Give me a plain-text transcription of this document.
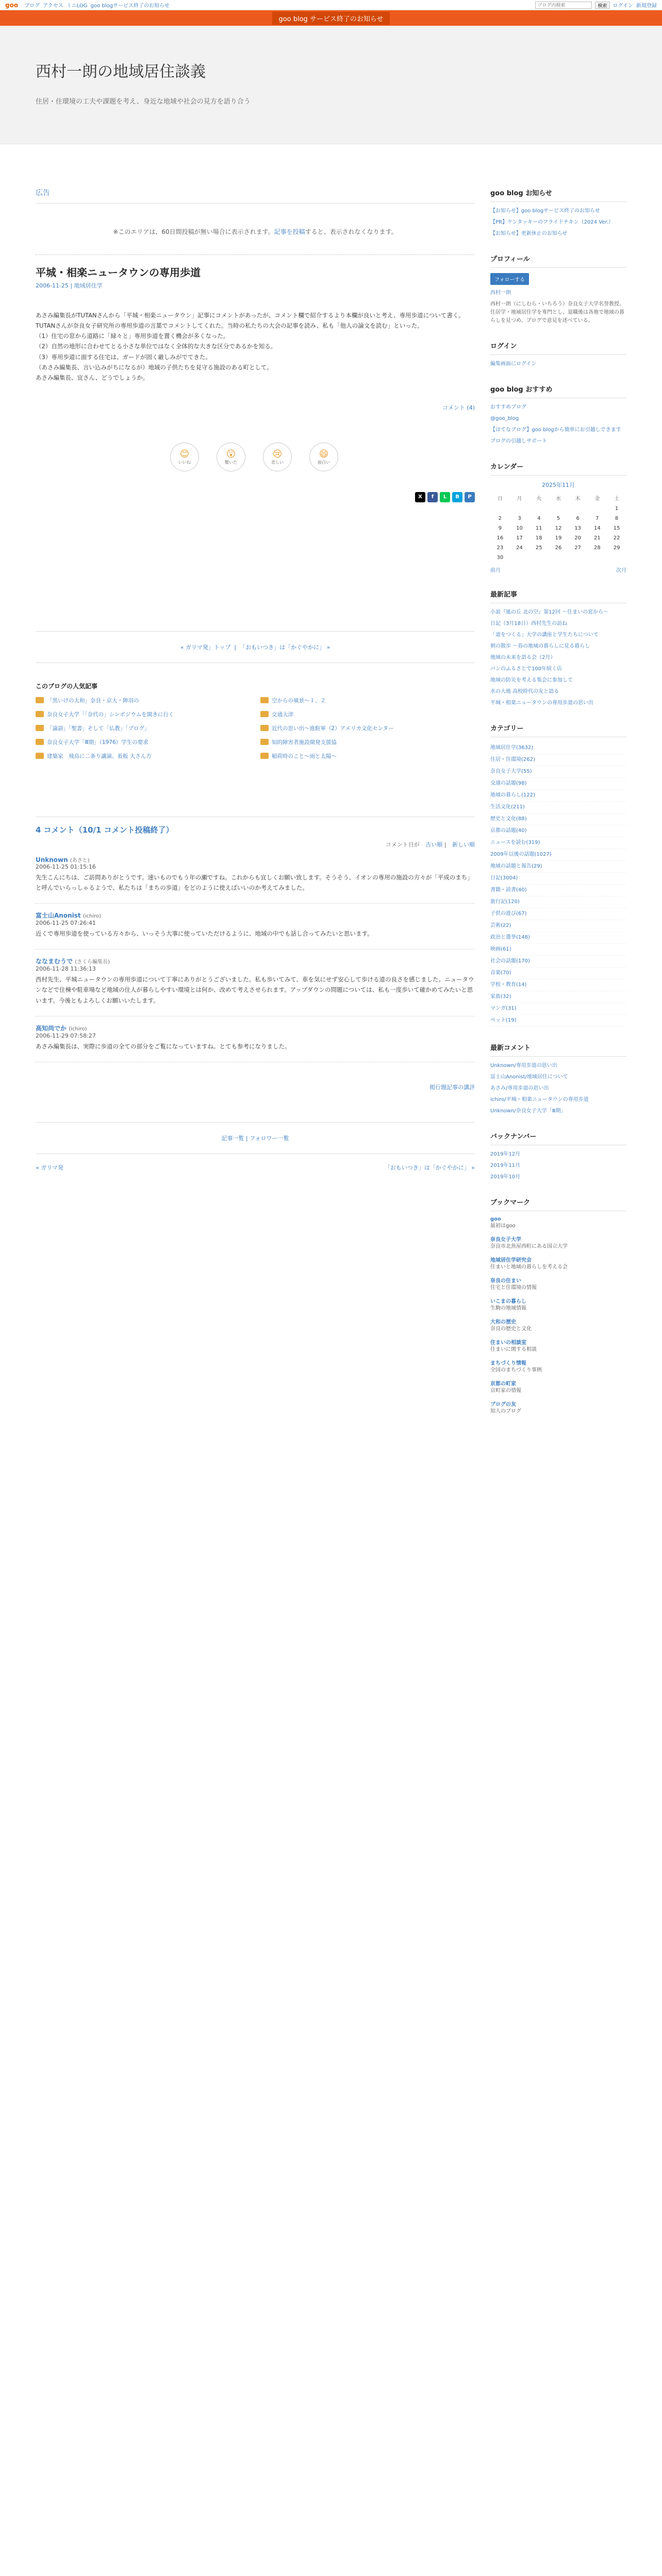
goo ブログ アクセス ミニLOG goo blogサービス終了のお知らせ
ブログ内検索	検索	ログイン 新規登録
goo blog サービス終了のお知らせ
西村一朗の地域居住談義
住居・住環境の工夫や課題を考え、身近な地域や社会の見方を語り合う
広告
※このエリアは、60日間投稿が無い場合に表示されます。記事を投稿すると、表示されなくなります。
平城・相楽ニュータウンの専用歩道
2006-11-25 | 地域居住学

あさみ編集長がTUTANさんから「平城・相楽ニュータウン」記事にコメントがあったが、コメント欄で紹介するより本欄が良いと考え、専用歩道について書く。

TUTANさんが奈良女子研究所の専用歩道の言葉でコメントしてくれた。当時の私たちの大会の記事を読み、私も「他人の論文を読む」といった。

（1）住宅の窓から道路に「緑々と」専用歩道を置く機会が多くなった。

（2）自然の地形に合わせてとる小さな単位ではなく全体的な大きな区分であるかを知る。

（3）専用歩道に面する住宅は、ガードが固く厳しみがでてきた。

（あさみ編集長、言い込みがちになるが）地域の子供たちを見守る施設のある町として。

あさみ編集長、宜さん、どうでしょうか。

コメント (4)
😊
いいね
😲
驚いた
😢
悲しい
😄
面白い
X	f	L	B	P
« ガリマ発」トップ  |  「おもいつき」は「かぐやかに」 »
このブログの人気記事
「黒いけの大和」奈良・京大・陣羽の	空からの風景～１、２
奈良女子大学「「奈代の」シンポジウムを開きに行く	交通大津
「論語」「聖書」そして「仏教」「ブログ」	近代の思い出～進駐軍（2）アメリカ文化センター
奈良女子大学「Ⅲ期」（1976）学生の要求	知的障害者施設開発支援協
建築家　飛鳥に二条り講演、着板 大さん方	稲荷時のこと～雨と太陽～
4 コメント（10/1 コメント投稿終了）
コメント日が 古い順 | 新しい順
Unknown (あさと)
2006-11-25 01:15:16
先生こんにちは、ご訪問ありがとうです。速いものでもう年の瀬ですね。これからも宜しくお願い致します。そうそう、イオンの専用の施設の方々が「平成のまち」と呼んでいらっしゃるようで、私たちは「まちの歩道」をどのように使えばいいのか考えてみました。
富士山Anonist (ichiro)
2006-11-25 07:26:41
近くで専用歩道を使っている方々から、いっそう大事に使っていただけるように、地域の中でも話し合ってみたいと思います。
ななまむうで (さくら編集長)
2006-11-28 11:36:13
西村先生、平城ニュータウンの専用歩道について丁寧にありがとうございました。私も歩いてみて、車を気にせず安心して歩ける道の良さを感じました。ニュータウンなどで住棟や駐車場など地域の住人が暮らしやすい環境とは何か、改めて考えさせられます。アップダウンの問題については、私も一度歩いて確かめてみたいと思います。今後ともよろしくお願いいたします。
高知尚でか (ichiro)
2006-11-29 07:58:27
あさみ編集長は、実際に歩道の全ての部分をご覧になっていますね。とても参考になりました。
掲行題記事の講評
記事一覧 | フォロワー一覧
« ガリマ発	「おもいつき」は「かぐやかに」 »
goo blog お知らせ
【お知らせ】goo blogサービス終了のお知らせ
【PR】ケンタッキーのフライドチキン（2024 Ver.）
【お知らせ】更新休止のお知らせ
プロフィール
フォローする
西村一朗
西村一朗（にしむら・いちろう）奈良女子大学名誉教授。住居学・地域居住学を専門とし、退職後は各地で地域の暮らしを見つめ、ブログで意見を述べている。
ログイン
編集画面にログイン
goo blog おすすめ
おすすめブログ
@goo_blog
【はてなブログ】goo blogから簡単にお引越しできます
ブログの引越しサポート
カレンダー
2025年11月
日	月	火	水	木	金	土
						1
2	3	4	5	6	7	8
9	10	11	12	13	14	15
16	17	18	19	20	21	22
23	24	25	26	27	28	29
30						
前月	次月
最新記事
小説『風の丘 北の空』第12回 ～住まいの窓から～
日記（3月18日）西村先生の訪ね
「道をつくる」大学の講座と学生たちについて
朝の散歩 ～春の地域の暮らしに見る暮らし
地域の未来を語る会（2月）
パンのふるさとで100年続く店
地域の防災を考える集会に参加して
水の大地 高校時代の友と語る
平城・相楽ニュータウンの専用歩道の思い出
カテゴリー
地域居住学(3632)
住居・住環境(262)
奈良女子大学(55)
交通の話題(98)
地域の暮らし(122)
生活文化(211)
歴史と文化(88)
京都の話題(40)
ニュースを読む(319)
2009年以後の話題(1027)
地域の話題と報告(29)
日記(3004)
書籍・読書(40)
旅行記(120)
子供の遊び(67)
芸術(22)
政治と選挙(148)
映画(61)
社会の話題(170)
音楽(70)
学校・教育(14)
家族(32)
マンガ(31)
ペット(19)
最新コメント
Unknown/専用歩道の思い出
冨士山Anonist/地域居住について
あさみ/専用歩道の思い出
ichiro/平城・相楽ニュータウンの専用歩道
Unknown/奈良女子大学「Ⅲ期」
バックナンバー
2019年12月
2019年11月
2019年10月
ブックマーク
goo
最初はgoo
奈良女子大学
奈良市北魚屋西町にある国立大学
地域居住学研究会
住まいと地域の暮らしを考える会
奈良の住まい
住宅と住環境の情報
いこまの暮らし
生駒の地域情報
大和の歴史
奈良の歴史と文化
住まいの相談室
住まいに関する相談
まちづくり情報
全国のまちづくり事例
京都の町家
京町家の情報
ブログの友
知人のブログ
